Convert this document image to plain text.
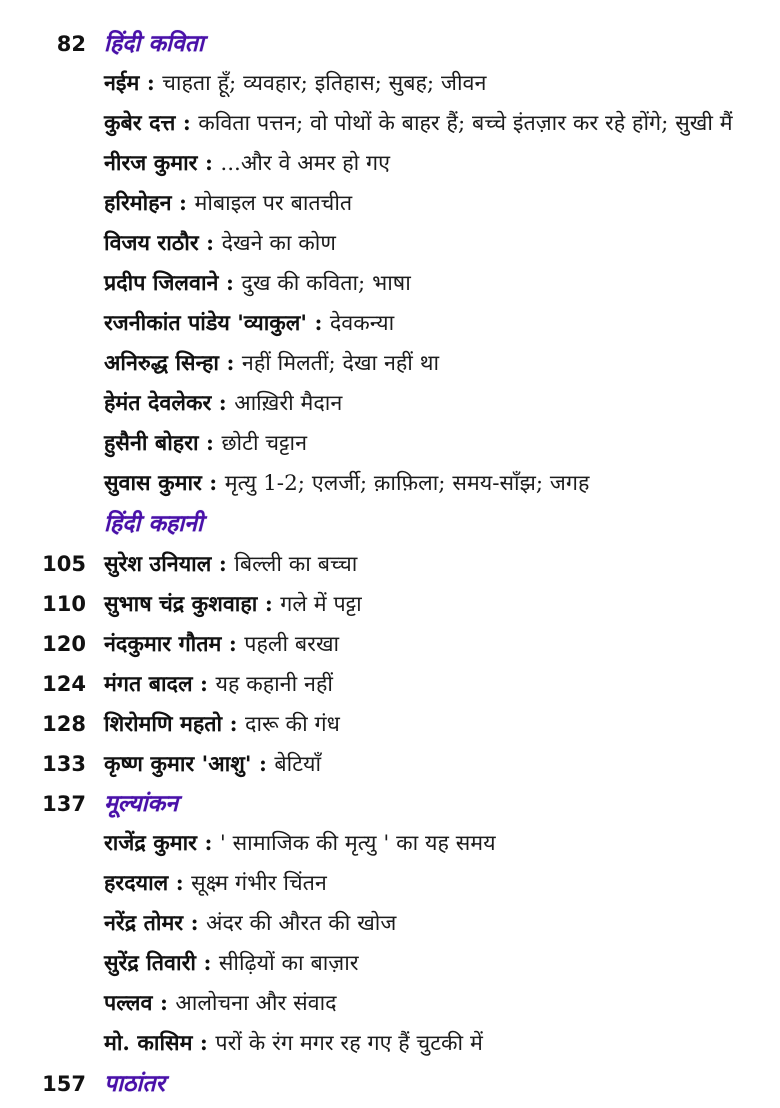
82 हिंदी कविता
नईम : चाहता हूँ; व्यवहार; इतिहास; सुबह; जीवन
कुबेर दत्त : कविता पत्तन; वो पोथों के बाहर हैं; बच्चे इंतज़ार कर रहे होंगे; सुखी मैं
नीरज कुमार : ...और वे अमर हो गए
हरिमोहन : मोबाइल पर बातचीत
विजय राठौर : देखने का कोण
प्रदीप जिलवाने : दुख की कविता; भाषा
रजनीकांत पांडेय 'व्याकुल' : देवकन्या
अनिरुद्ध सिन्हा : नहीं मिलतीं; देखा नहीं था
हेमंत देवलेकर : आख़िरी मैदान
हुसैनी बोहरा : छोटी चट्टान
सुवास कुमार : मृत्यु 1-2; एलर्जी; क़ाफ़िला; समय-साँझ; जगह
हिंदी कहानी
105 सुरेश उनियाल : बिल्ली का बच्चा
110 सुभाष चंद्र कुशवाहा : गले में पट्टा
120 नंदकुमार गौतम : पहली बरखा
124 मंगत बादल : यह कहानी नहीं
128 शिरोमणि महतो : दारू की गंध
133 कृष्ण कुमार 'आशु' : बेटियाँ
137 मूल्यांकन
राजेंद्र कुमार : ' सामाजिक की मृत्यु ' का यह समय
हरदयाल : सूक्ष्म गंभीर चिंतन
नरेंद्र तोमर : अंदर की औरत की खोज
सुरेंद्र तिवारी : सीढ़ियों का बाज़ार
पल्लव : आलोचना और संवाद
मो. कासिम : परों के रंग मगर रह गए हैं चुटकी में
157 पाठांतर
